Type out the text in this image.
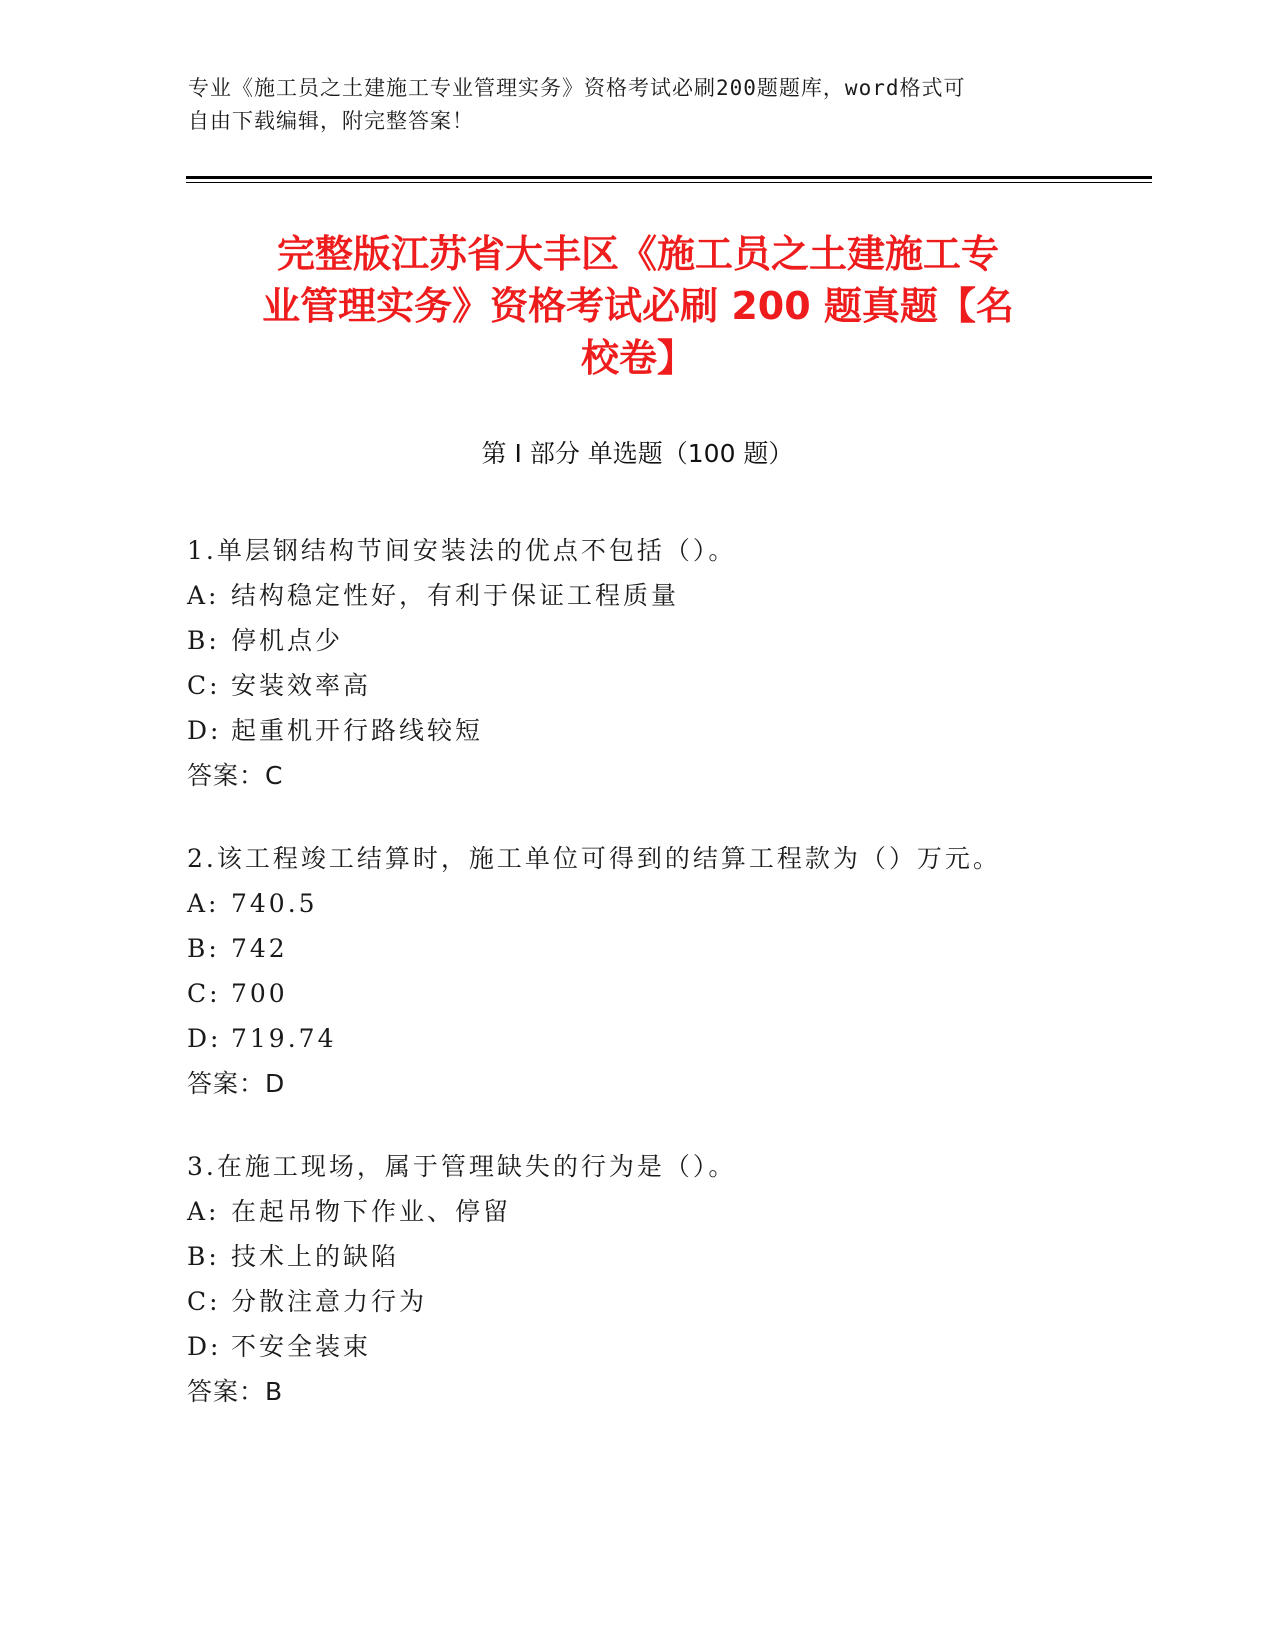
专业《施工员之土建施工专业管理实务》资格考试必刷200题题库，word格式可
自由下载编辑，附完整答案！
完整版江苏省大丰区《施工员之土建施工专
业管理实务》资格考试必刷 200 题真题【名
校卷】
第 I 部分 单选题（100 题）
1.单层钢结构节间安装法的优点不包括（）。
A: 结构稳定性好，有利于保证工程质量
B: 停机点少
C: 安装效率高
D: 起重机开行路线较短
答案：C
2.该工程竣工结算时，施工单位可得到的结算工程款为（）万元。
A: 740.5
B: 742
C: 700
D: 719.74
答案：D
3.在施工现场，属于管理缺失的行为是（）。
A: 在起吊物下作业、停留
B: 技术上的缺陷
C: 分散注意力行为
D: 不安全装束
答案：B
